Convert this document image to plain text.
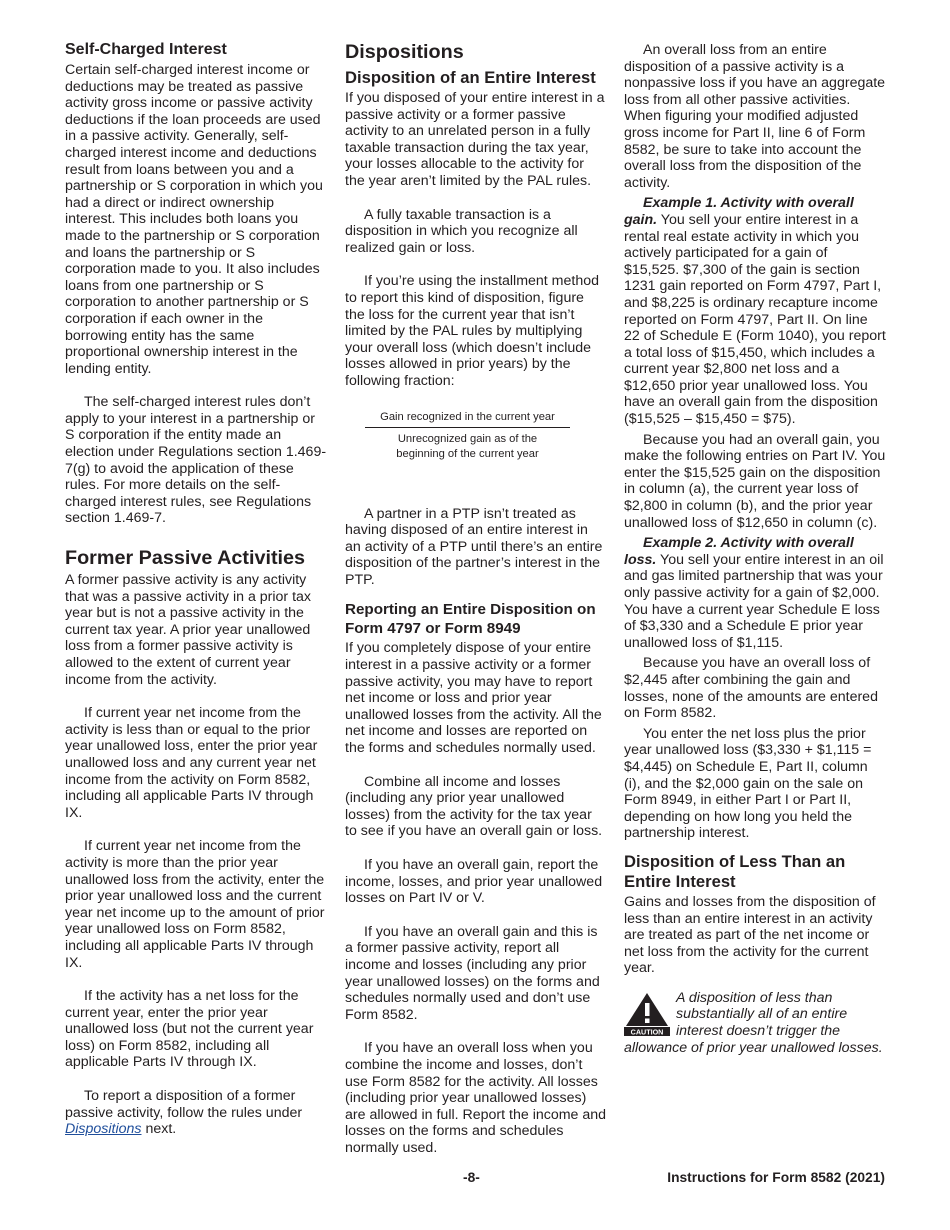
Self-Charged Interest

Certain self-charged interest income or deductions may be treated as passive activity gross income or passive activity deductions if the loan proceeds are used in a passive activity. Generally, self-charged interest income and deductions result from loans between you and a partnership or S corporation in which you had a direct or indirect ownership interest. This includes both loans you made to the partnership or S corporation and loans the partnership or S corporation made to you. It also includes loans from one partnership or S corporation to another partnership or S corporation if each owner in the borrowing entity has the same proportional ownership interest in the lending entity.

The self-charged interest rules don’t apply to your interest in a partnership or S corporation if the entity made an election under Regulations section 1.469-7(g) to avoid the application of these rules. For more details on the self-charged interest rules, see Regulations section 1.469-7.

Former Passive Activities

A former passive activity is any activity that was a passive activity in a prior tax year but is not a passive activity in the current tax year. A prior year unallowed loss from a former passive activity is allowed to the extent of current year income from the activity.

If current year net income from the activity is less than or equal to the prior year unallowed loss, enter the prior year unallowed loss and any current year net income from the activity on Form 8582, including all applicable Parts IV through IX.

If current year net income from the activity is more than the prior year unallowed loss from the activity, enter the prior year unallowed loss and the current year net income up to the amount of prior year unallowed loss on Form 8582, including all applicable Parts IV through IX.

If the activity has a net loss for the current year, enter the prior year unallowed loss (but not the current year loss) on Form 8582, including all applicable Parts IV through IX.

To report a disposition of a former passive activity, follow the rules under Dispositions next.

Dispositions
Disposition of an Entire Interest

If you disposed of your entire interest in a passive activity or a former passive activity to an unrelated person in a fully taxable transaction during the tax year, your losses allocable to the activity for the year aren’t limited by the PAL rules.

A fully taxable transaction is a disposition in which you recognize all realized gain or loss.

If you’re using the installment method to report this kind of disposition, figure the loss for the current year that isn’t limited by the PAL rules by multiplying your overall loss (which doesn’t include losses allowed in prior years) by the following fraction:

Gain recognized in the current year
Unrecognized gain as of the beginning of the current year

A partner in a PTP isn’t treated as having disposed of an entire interest in an activity of a PTP until there’s an entire disposition of the partner’s interest in the PTP.

Reporting an Entire Disposition on Form 4797 or Form 8949

If you completely dispose of your entire interest in a passive activity or a former passive activity, you may have to report net income or loss and prior year unallowed losses from the activity. All the net income and losses are reported on the forms and schedules normally used.

Combine all income and losses (including any prior year unallowed losses) from the activity for the tax year to see if you have an overall gain or loss.

If you have an overall gain, report the income, losses, and prior year unallowed losses on Part IV or V.

If you have an overall gain and this is a former passive activity, report all income and losses (including any prior year unallowed losses) on the forms and schedules normally used and don’t use Form 8582.

If you have an overall loss when you combine the income and losses, don’t use Form 8582 for the activity. All losses (including prior year unallowed losses) are allowed in full. Report the income and losses on the forms and schedules normally used.

An overall loss from an entire disposition of a passive activity is a nonpassive loss if you have an aggregate loss from all other passive activities. When figuring your modified adjusted gross income for Part II, line 6 of Form 8582, be sure to take into account the overall loss from the disposition of the activity.

Example 1. Activity with overall gain. You sell your entire interest in a rental real estate activity in which you actively participated for a gain of $15,525. $7,300 of the gain is section 1231 gain reported on Form 4797, Part I, and $8,225 is ordinary recapture income reported on Form 4797, Part II. On line 22 of Schedule E (Form 1040), you report a total loss of $15,450, which includes a current year $2,800 net loss and a $12,650 prior year unallowed loss. You have an overall gain from the disposition ($15,525 – $15,450 = $75).

Because you had an overall gain, you make the following entries on Part IV. You enter the $15,525 gain on the disposition in column (a), the current year loss of $2,800 in column (b), and the prior year unallowed loss of $12,650 in column (c).

Example 2. Activity with overall loss. You sell your entire interest in an oil and gas limited partnership that was your only passive activity for a gain of $2,000. You have a current year Schedule E loss of $3,330 and a Schedule E prior year unallowed loss of $1,115.

Because you have an overall loss of $2,445 after combining the gain and losses, none of the amounts are entered on Form 8582.

You enter the net loss plus the prior year unallowed loss ($3,330 + $1,115 = $4,445) on Schedule E, Part II, column (i), and the $2,000 gain on the sale on Form 8949, in either Part I or Part II, depending on how long you held the partnership interest.

Disposition of Less Than an Entire Interest

Gains and losses from the disposition of less than an entire interest in an activity are treated as part of the net income or net loss from the activity for the current year.

CAUTION

A disposition of less than substantially all of an entire interest doesn’t trigger the allowance of prior year unallowed losses.

-8-	Instructions for Form 8582 (2021)
